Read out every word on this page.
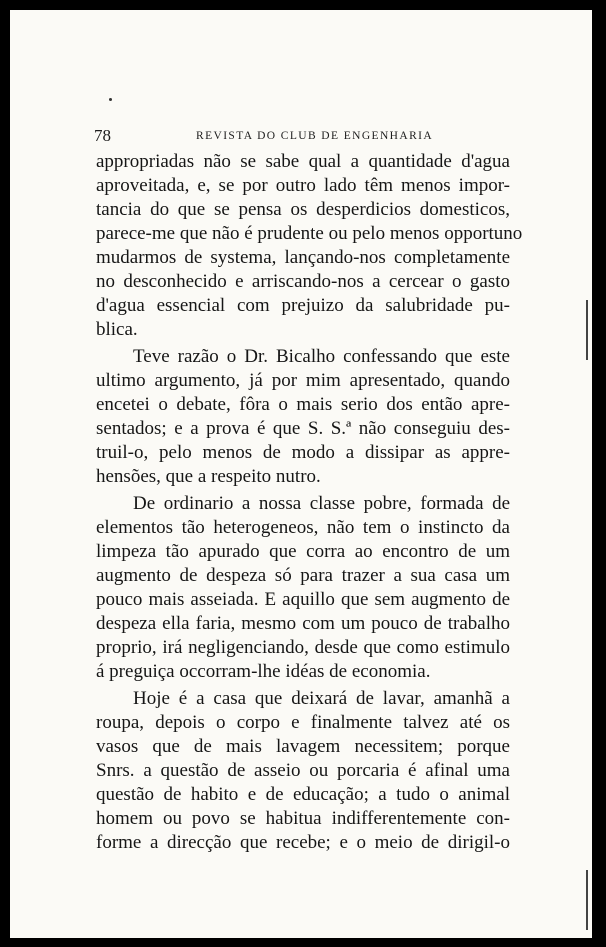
78	REVISTA DO CLUB DE ENGENHARIA
appropriadas não se sabe qual a quantidade d'agua
aproveitada, e, se por outro lado têm menos impor-
tancia do que se pensa os desperdicios domesticos,
parece-me que não é prudente ou pelo menos opportuno
mudarmos de systema, lançando-nos completamente
no desconhecido e arriscando-nos a cercear o gasto
d'agua essencial com prejuizo da salubridade pu-
blica.
Teve razão o Dr. Bicalho confessando que este
ultimo argumento, já por mim apresentado, quando
encetei o debate, fôra o mais serio dos então apre-
sentados; e a prova é que S. S.ª não conseguiu des-
truil-o, pelo menos de modo a dissipar as appre-
hensões, que a respeito nutro.
De ordinario a nossa classe pobre, formada de
elementos tão heterogeneos, não tem o instincto da
limpeza tão apurado que corra ao encontro de um
augmento de despeza só para trazer a sua casa um
pouco mais asseiada. E aquillo que sem augmento de
despeza ella faria, mesmo com um pouco de trabalho
proprio, irá negligenciando, desde que como estimulo
á preguiça occorram-lhe idéas de economia.
Hoje é a casa que deixará de lavar, amanhã a
roupa, depois o corpo e finalmente talvez até os
vasos que de mais lavagem necessitem; porque
Snrs. a questão de asseio ou porcaria é afinal uma
questão de habito e de educação; a tudo o animal
homem ou povo se habitua indifferentemente con-
forme a direcção que recebe; e o meio de dirigil-o
